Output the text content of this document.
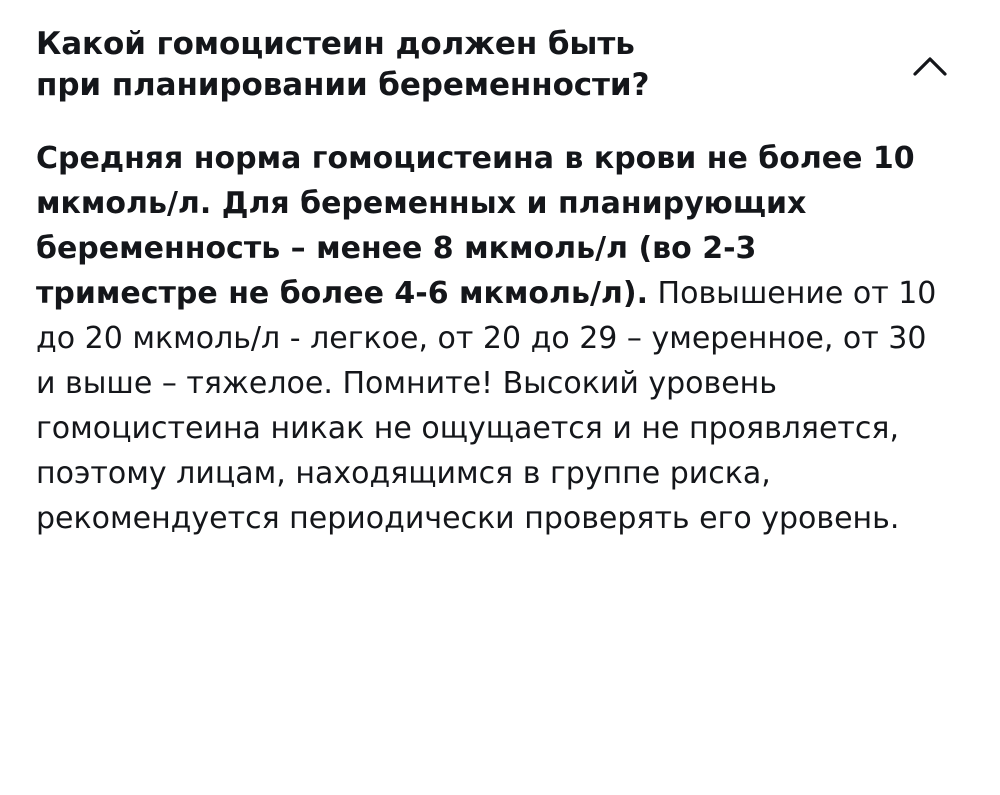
Какой гомоцистеин должен быть при планировании беременности?

Средняя норма гомоцистеина в крови не более 10 мкмоль/л. Для беременных и планирующих беременность – менее 8 мкмоль/л (во 2-3 триместре не более 4-6 мкмоль/л). Повышение от 10 до 20 мкмоль/л - легкое, от 20 до 29 – умеренное, от 30 и выше – тяжелое. Помните! Высокий уровень гомоцистеина никак не ощущается и не проявляется, поэтому лицам, находящимся в группе риска, рекомендуется периодически проверять его уровень.
